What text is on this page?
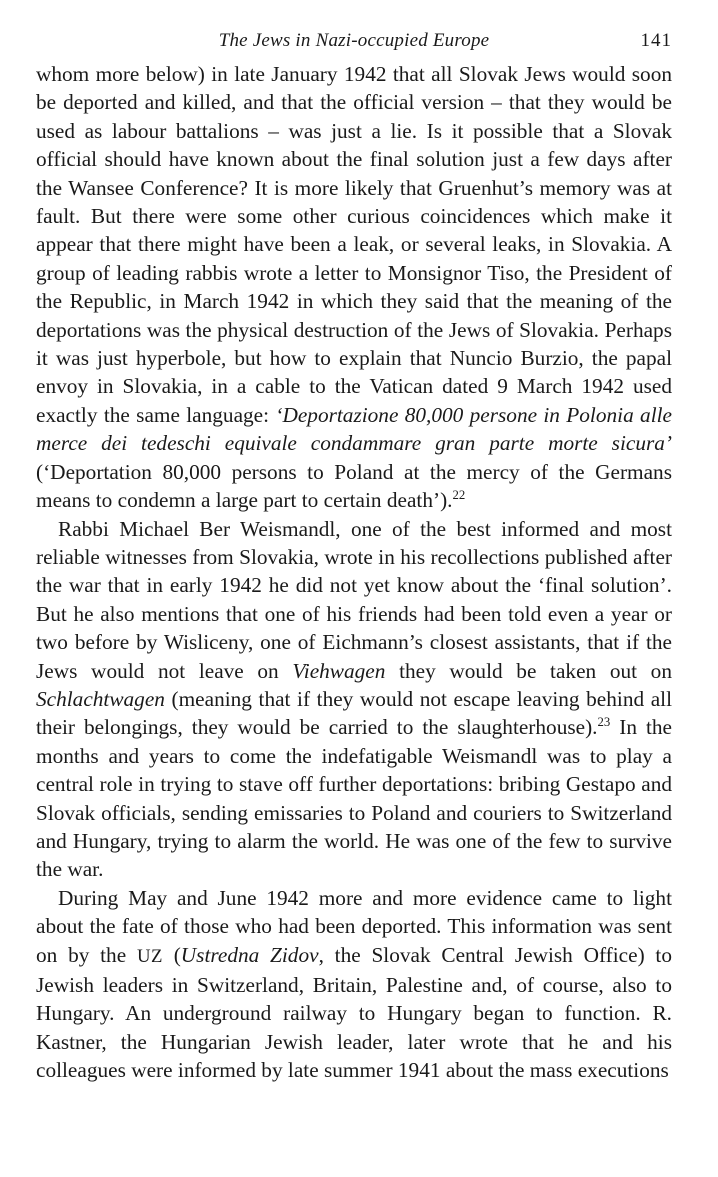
The Jews in Nazi-occupied Europe	141

whom more below) in late January 1942 that all Slovak Jews would soon be deported and killed, and that the official version – that they would be used as labour battalions – was just a lie. Is it possible that a Slovak official should have known about the final solution just a few days after the Wansee Conference? It is more likely that Gruenhut’s memory was at fault. But there were some other curious coincidences which make it appear that there might have been a leak, or several leaks, in Slovakia. A group of leading rabbis wrote a letter to Monsignor Tiso, the President of the Republic, in March 1942 in which they said that the meaning of the deportations was the physical destruction of the Jews of Slovakia. Perhaps it was just hyperbole, but how to explain that Nuncio Burzio, the papal envoy in Slovakia, in a cable to the Vatican dated 9 March 1942 used exactly the same language: ‘Deportazione 80,000 persone in Polonia alle merce dei tedeschi equivale condammare gran parte morte sicura’ (‘Deportation 80,000 persons to Poland at the mercy of the Germans means to condemn a large part to certain death’).$^{22}$

Rabbi Michael Ber Weismandl, one of the best informed and most reliable witnesses from Slovakia, wrote in his recollections published after the war that in early 1942 he did not yet know about the ‘final solution’. But he also mentions that one of his friends had been told even a year or two before by Wisliceny, one of Eichmann’s closest assistants, that if the Jews would not leave on Viehwagen they would be taken out on Schlachtwagen (meaning that if they would not escape leaving behind all their belongings, they would be carried to the slaughterhouse).$^{23}$ In the months and years to come the indefatigable Weismandl was to play a central role in trying to stave off further deportations: bribing Gestapo and Slovak officials, sending emissaries to Poland and couriers to Switzerland and Hungary, trying to alarm the world. He was one of the few to survive the war.

During May and June 1942 more and more evidence came to light about the fate of those who had been deported. This information was sent on by the UZ (Ustredna Zidov, the Slovak Central Jewish Office) to Jewish leaders in Switzerland, Britain, Palestine and, of course, also to Hungary. An underground railway to Hungary began to function. R. Kastner, the Hungarian Jewish leader, later wrote that he and his colleagues were informed by late summer 1941 about the mass executions
